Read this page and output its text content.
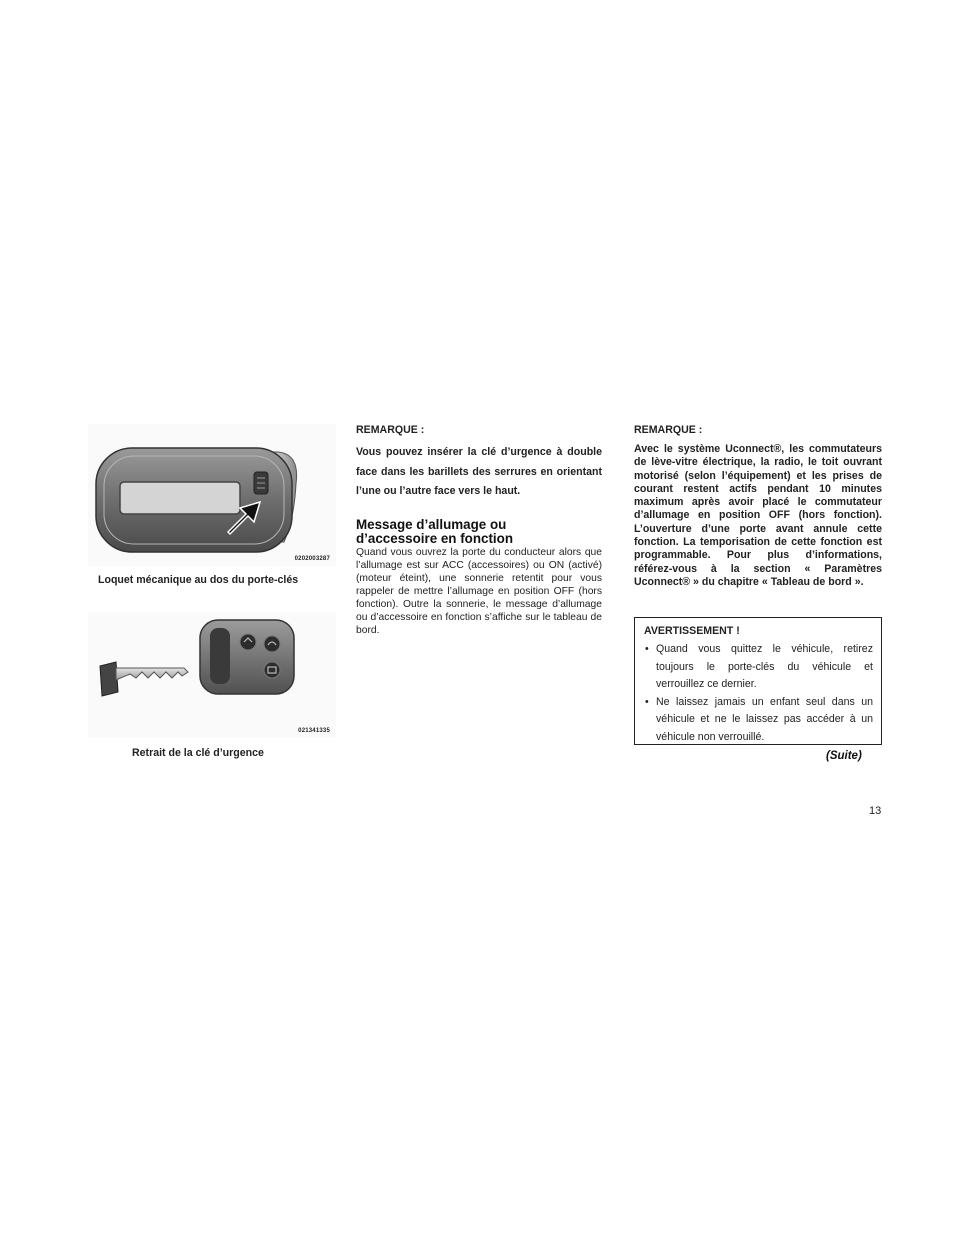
0202003287
Loquet mécanique au dos du porte-clés
021341335
Retrait de la clé d’urgence

REMARQUE :

Vous pouvez insérer la clé d’urgence à double face dans les barillets des serrures en orientant l’une ou l’autre face vers le haut.

Message d’allumage ou
d’accessoire en fonction

Quand vous ouvrez la porte du conducteur alors que l’allumage est sur ACC (accessoires) ou ON (activé) (moteur éteint), une sonnerie retentit pour vous rappeler de mettre l’allumage en position OFF (hors fonction). Outre la sonnerie, le message d’allumage ou d’accessoire en fonction s’affiche sur le tableau de bord.

REMARQUE :

Avec le système Uconnect®, les commutateurs de lève-vitre électrique, la radio, le toit ouvrant motorisé (selon l’équipement) et les prises de courant restent actifs pendant 10 minutes maximum après avoir placé le commutateur d’allumage en position OFF (hors fonction). L’ouverture d’une porte avant annule cette fonction. La temporisation de cette fonction est programmable. Pour plus d’informations, référez-vous à la section « Paramètres Uconnect® » du chapitre « Tableau de bord ».

AVERTISSEMENT !

• Quand vous quittez le véhicule, retirez toujours le porte-clés du véhicule et verrouillez ce dernier.
• Ne laissez jamais un enfant seul dans un véhicule et ne le laissez pas accéder à un véhicule non verrouillé.
(Suite)
13
